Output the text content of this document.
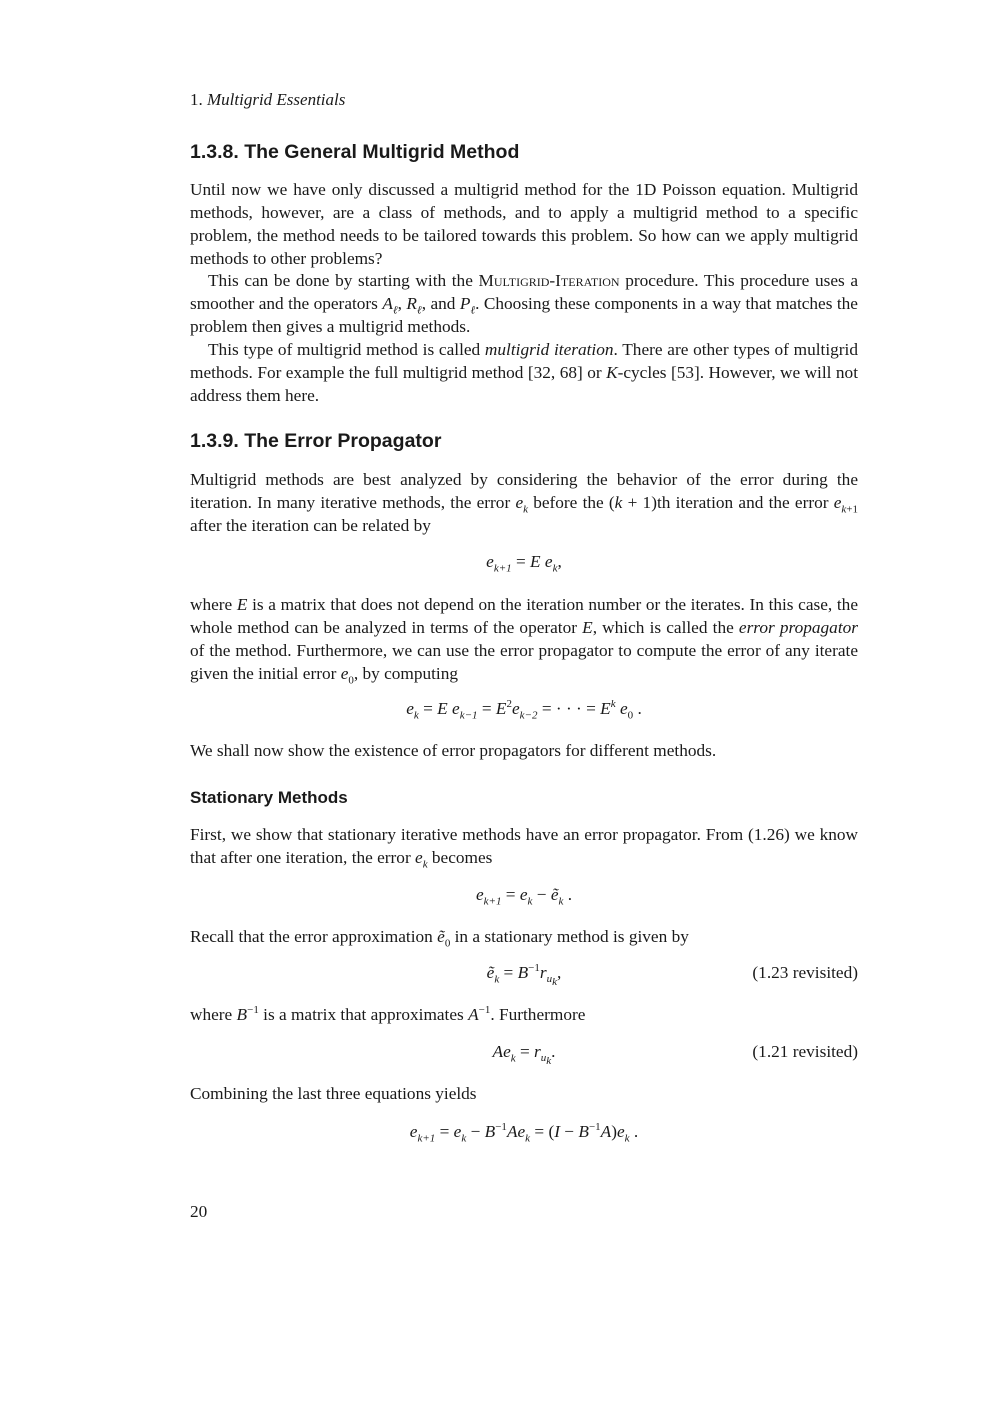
1. Multigrid Essentials
1.3.8. The General Multigrid Method

Until now we have only discussed a multigrid method for the 1D Poisson equation. Multigrid methods, however, are a class of methods, and to apply a multigrid method to a specific problem, the method needs to be tailored towards this problem. So how can we apply multigrid methods to other problems?

This can be done by starting with the Multigrid-Iteration procedure. This procedure uses a smoother and the operators $A_\ell$, $R_\ell$, and $P_\ell$. Choosing these components in a way that matches the problem then gives a multigrid methods.

This type of multigrid method is called multigrid iteration. There are other types of multigrid methods. For example the full multigrid method [32, 68] or K-cycles [53]. However, we will not address them here.

1.3.9. The Error Propagator

Multigrid methods are best analyzed by considering the behavior of the error during the iteration. In many iterative methods, the error $e_k$ before the (k + 1)th iteration and the error $e_{k+1}$ after the iteration can be related by

$e_{k+1} = E$ $e_k$,

where E is a matrix that does not depend on the iteration number or the iterates. In this case, the whole method can be analyzed in terms of the operator E, which is called the error propagator of the method. Furthermore, we can use the error propagator to compute the error of any iterate given the initial error $e_0$, by computing

$e_k = E$ $e_{k-1} = E^2e_{k-2}$ = · · · = $E^k$ $e_0$ .

We shall now show the existence of error propagators for different methods.

Stationary Methods

First, we show that stationary iterative methods have an error propagator. From (1.26) we know that after one iteration, the error $e_k$ becomes

$e_{k+1} = e_k$ − ẽ$_k$ .

Recall that the error approximation ẽ$_0$ in a stationary method is given by

ẽ$_k$ = $B^{-1}r_{u_k}$,	(1.23 revisited)

where $B^{-1}$ is a matrix that approximates $A^{-1}$. Furthermore

$Ae_k = r_{u_k}$.	(1.21 revisited)

Combining the last three equations yields

$e_{k+1} = e_k - B^{-1}Ae_k = (I - B^{-1}A)e_k$ .
20
